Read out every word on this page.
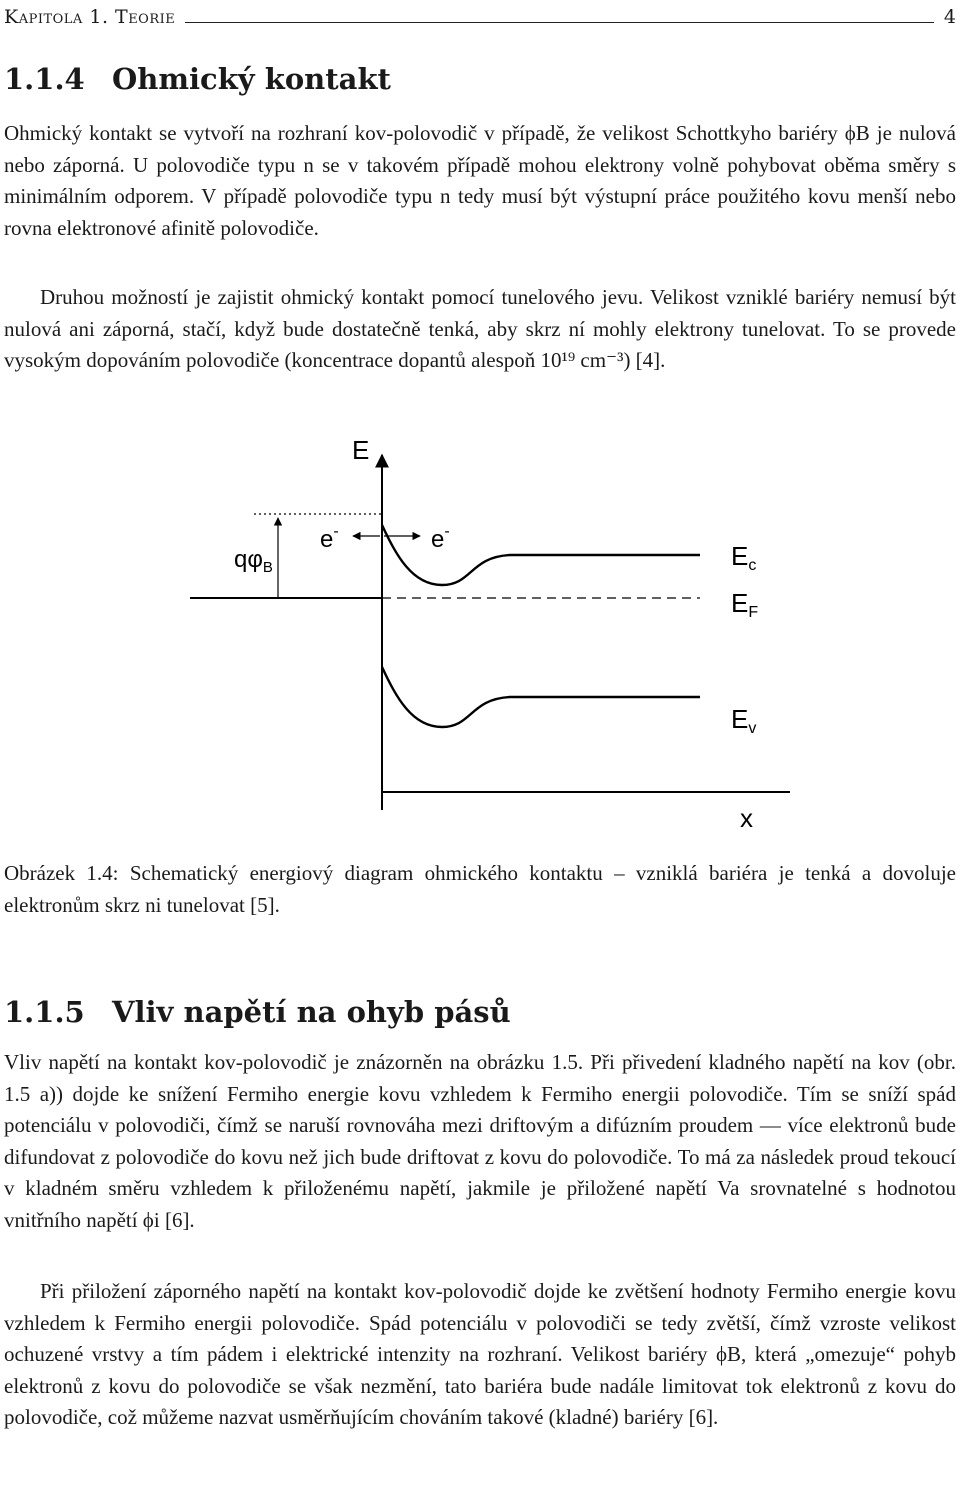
Kapitola 1. Teorie	4
1.1.4 Ohmický kontakt

Ohmický kontakt se vytvoří na rozhraní kov-polovodič v případě, že velikost Schottkyho bariéry ϕB je nulová nebo záporná. U polovodiče typu n se v takovém případě mohou elektrony volně pohybovat oběma směry s minimálním odporem. V případě polovodiče typu n tedy musí být výstupní práce použitého kovu menší nebo rovna elektronové afinitě polovodiče.

Druhou možností je zajistit ohmický kontakt pomocí tunelového jevu. Velikost vzniklé bariéry nemusí být nulová ani záporná, stačí, když bude dostatečně tenká, aby skrz ní mohly elektrony tunelovat. To se provede vysokým dopováním polovodiče (koncentrace dopantů alespoň 10¹⁹ cm⁻³) [4].

E
x
$q\varphi_B$
e-	e-
Ec
EF
Ev

Obrázek 1.4: Schematický energiový diagram ohmického kontaktu – vzniklá bariéra je tenká a dovoluje elektronům skrz ni tunelovat [5].

1.1.5 Vliv napětí na ohyb pásů

Vliv napětí na kontakt kov-polovodič je znázorněn na obrázku 1.5. Při přivedení kladného napětí na kov (obr. 1.5 a)) dojde ke snížení Fermiho energie kovu vzhledem k Fermiho energii polovodiče. Tím se sníží spád potenciálu v polovodiči, čímž se naruší rovnováha mezi driftovým a difúzním proudem — více elektronů bude difundovat z polovodiče do kovu než jich bude driftovat z kovu do polovodiče. To má za následek proud tekoucí v kladném směru vzhledem k přiloženému napětí, jakmile je přiložené napětí Va srovnatelné s hodnotou vnitřního napětí ϕi [6].

Při přiložení záporného napětí na kontakt kov-polovodič dojde ke zvětšení hodnoty Fermiho energie kovu vzhledem k Fermiho energii polovodiče. Spád potenciálu v polovodiči se tedy zvětší, čímž vzroste velikost ochuzené vrstvy a tím pádem i elektrické intenzity na rozhraní. Velikost bariéry ϕB, která „omezuje“ pohyb elektronů z kovu do polovodiče se však nezmění, tato bariéra bude nadále limitovat tok elektronů z kovu do polovodiče, což můžeme nazvat usměrňujícím chováním takové (kladné) bariéry [6].
